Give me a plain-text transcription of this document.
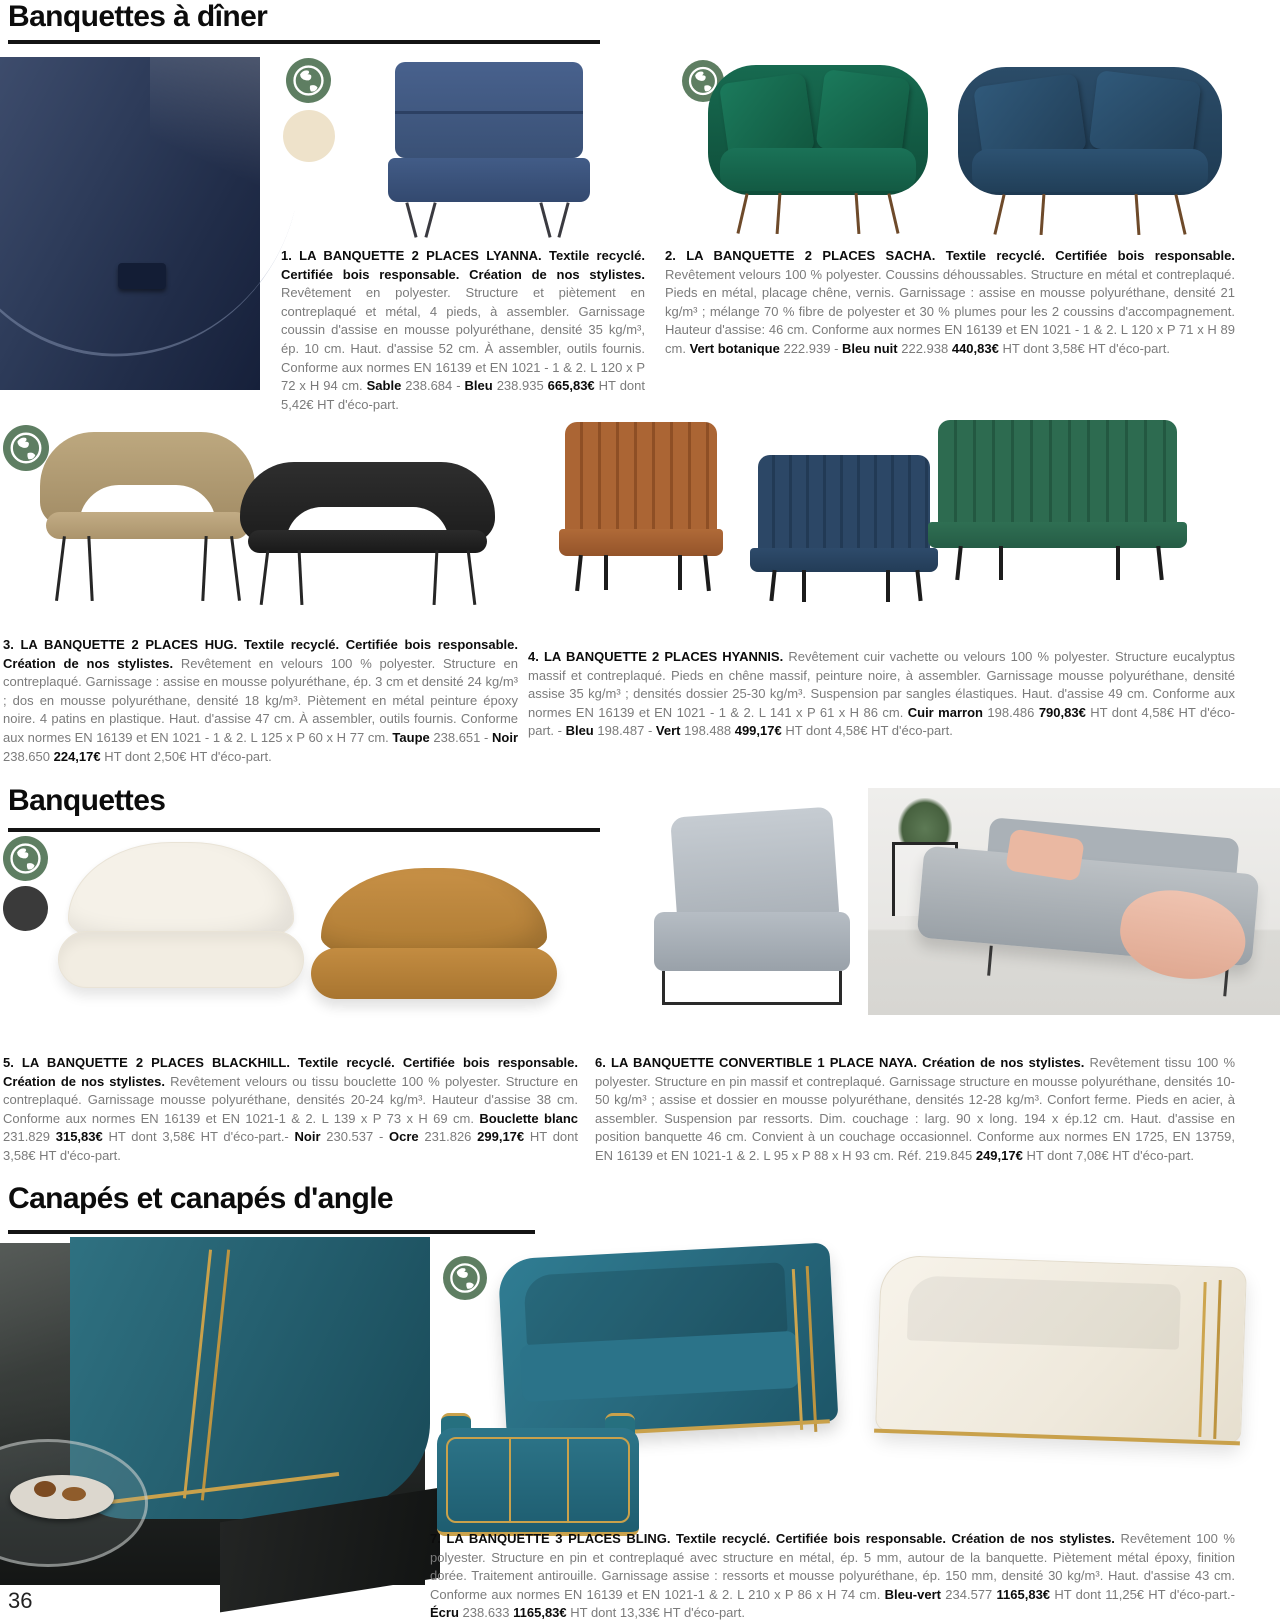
Banquettes à dîner
1. LA BANQUETTE 2 PLACES LYANNA. Textile recyclé. Certifiée bois responsable. Création de nos stylistes. Revêtement en polyester. Structure et piètement en contreplaqué et métal, 4 pieds, à assembler. Garnissage coussin d'assise en mousse polyuréthane, densité 35 kg/m³, ép. 10 cm. Haut. d'assise 52 cm. À assembler, outils fournis. Conforme aux normes EN 16139 et EN 1021 - 1 & 2. L 120 x P 72 x H 94 cm. Sable 238.684 - Bleu 238.935 665,83€ HT dont 5,42€ HT d'éco-part.
2. LA BANQUETTE 2 PLACES SACHA. Textile recyclé. Certifiée bois responsable. Revêtement velours 100 % polyester. Coussins déhoussables. Structure en métal et contreplaqué. Pieds en métal, placage chêne, vernis. Garnissage : assise en mousse polyuréthane, densité 21 kg/m³ ; mélange 70 % fibre de polyester et 30 % plumes pour les 2 coussins d'accompagnement. Hauteur d'assise: 46 cm. Conforme aux normes EN 16139 et EN 1021 - 1 & 2. L 120 x P 71 x H 89 cm. Vert botanique 222.939 - Bleu nuit 222.938 440,83€ HT dont 3,58€ HT d'éco-part.
3. LA BANQUETTE 2 PLACES HUG. Textile recyclé. Certifiée bois responsable. Création de nos stylistes. Revêtement en velours 100 % polyester. Structure en contreplaqué. Garnissage : assise en mousse polyuréthane, ép. 3 cm et densité 24 kg/m³ ; dos en mousse polyuréthane, densité 18 kg/m³. Piètement en métal peinture époxy noire. 4 patins en plastique. Haut. d'assise 47 cm. À assembler, outils fournis. Conforme aux normes EN 16139 et EN 1021 - 1 & 2. L 125 x P 60 x H 77 cm. Taupe 238.651 - Noir 238.650 224,17€ HT dont 2,50€ HT d'éco-part.
4. LA BANQUETTE 2 PLACES HYANNIS. Revêtement cuir vachette ou velours 100 % polyester. Structure eucalyptus massif et contreplaqué. Pieds en chêne massif, peinture noire, à assembler. Garnissage mousse polyuréthane, densité assise 35 kg/m³ ; densités dossier 25-30 kg/m³. Suspension par sangles élastiques. Haut. d'assise 49 cm. Conforme aux normes EN 16139 et EN 1021 - 1 & 2. L 141 x P 61 x H 86 cm. Cuir marron 198.486 790,83€ HT dont 4,58€ HT d'éco-part. - Bleu 198.487 - Vert 198.488 499,17€ HT dont 4,58€ HT d'éco-part.
Banquettes
5. LA BANQUETTE 2 PLACES BLACKHILL. Textile recyclé. Certifiée bois responsable. Création de nos stylistes. Revêtement velours ou tissu bouclette 100 % polyester. Structure en contreplaqué. Garnissage mousse polyuréthane, densités 20-24 kg/m³. Hauteur d'assise 38 cm. Conforme aux normes EN 16139 et EN 1021-1 & 2. L 139 x P 73 x H 69 cm. Bouclette blanc 231.829 315,83€ HT dont 3,58€ HT d'éco-part.- Noir 230.537 - Ocre 231.826 299,17€ HT dont 3,58€ HT d'éco-part.
6. LA BANQUETTE CONVERTIBLE 1 PLACE NAYA. Création de nos stylistes. Revêtement tissu 100 % polyester. Structure en pin massif et contreplaqué. Garnissage structure en mousse polyuréthane, densités 10-50 kg/m³ ; assise et dossier en mousse polyuréthane, densités 12-28 kg/m³. Confort ferme. Pieds en acier, à assembler. Suspension par ressorts. Dim. couchage : larg. 90 x long. 194 x ép.12 cm. Haut. d'assise en position banquette 46 cm. Convient à un couchage occasionnel. Conforme aux normes EN 1725, EN 13759, EN 16139 et EN 1021-1 & 2. L 95 x P 88 x H 93 cm. Réf. 219.845 249,17€ HT dont 7,08€ HT d'éco-part.
Canapés et canapés d'angle
7. LA BANQUETTE 3 PLACES BLING. Textile recyclé. Certifiée bois responsable. Création de nos stylistes. Revêtement 100 % polyester. Structure en pin et contreplaqué avec structure en métal, ép. 5 mm, autour de la banquette. Piètement métal époxy, finition dorée. Traitement antirouille. Garnissage assise : ressorts et mousse polyuréthane, ép. 150 mm, densité 30 kg/m³. Haut. d'assise 43 cm. Conforme aux normes EN 16139 et EN 1021-1 & 2. L 210 x P 86 x H 74 cm. Bleu-vert 234.577 1165,83€ HT dont 11,25€ HT d'éco-part.- Écru 238.633 1165,83€ HT dont 13,33€ HT d'éco-part.
36
